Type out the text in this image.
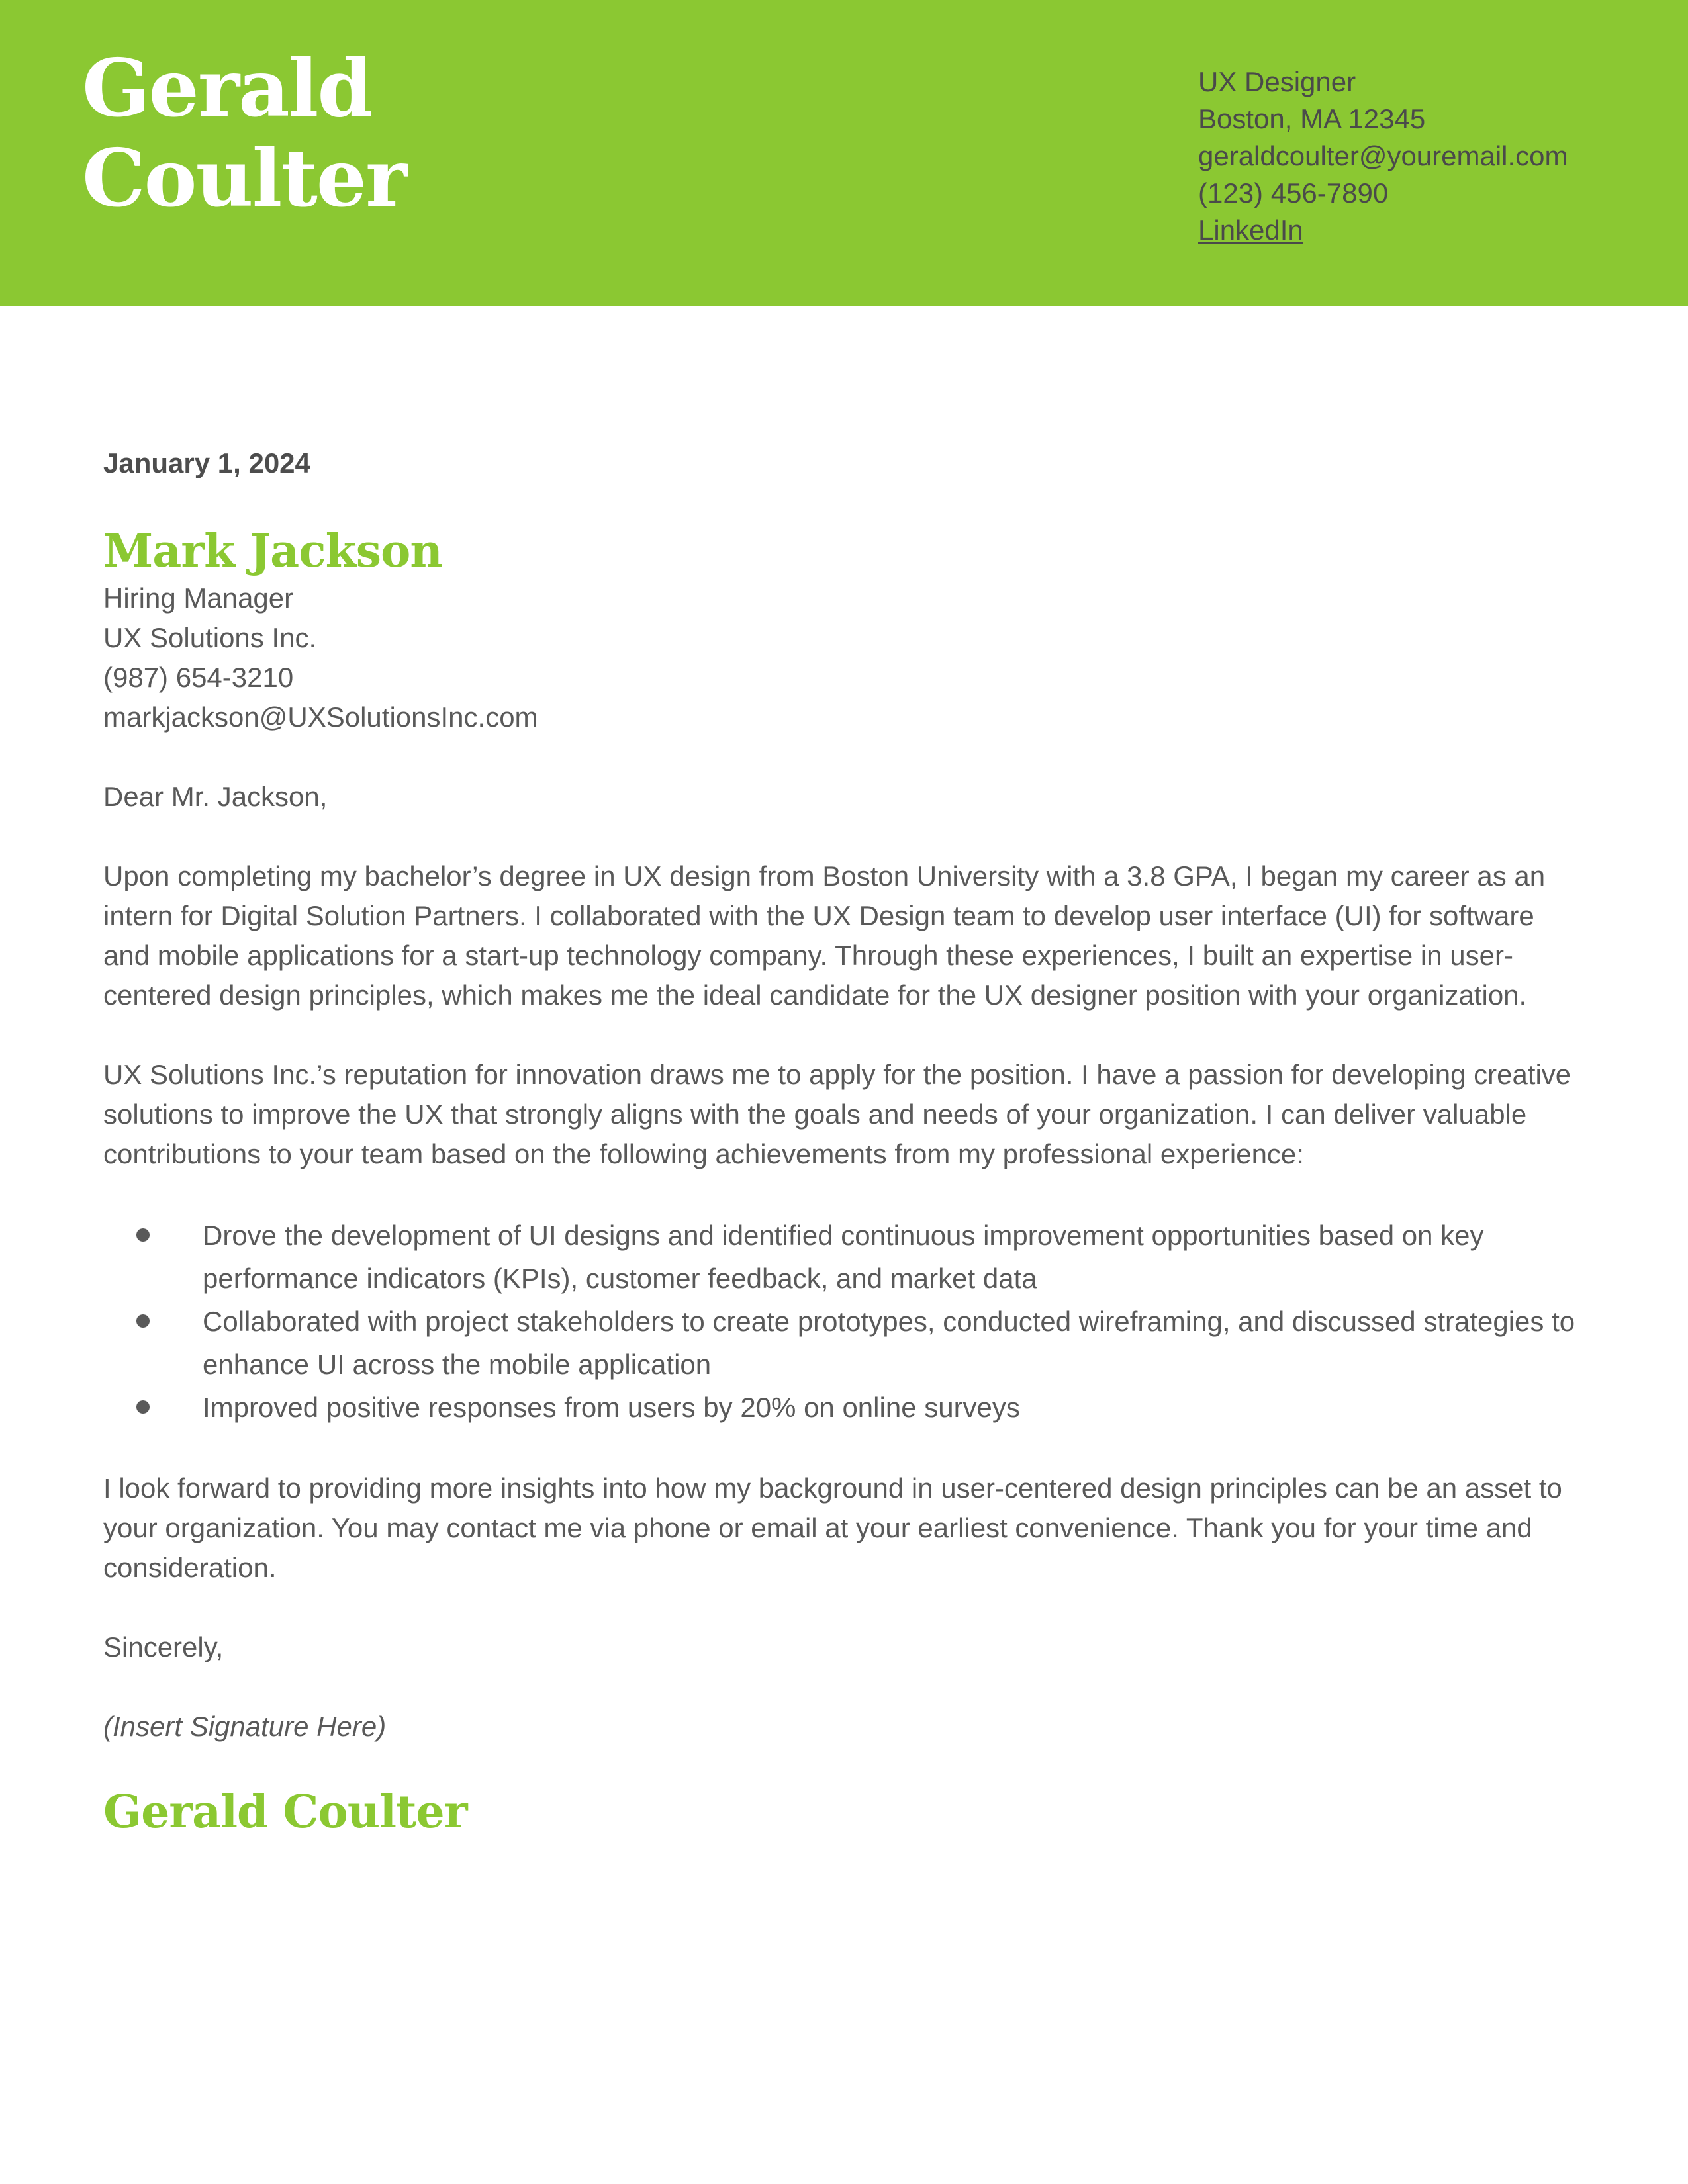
Gerald
Coulter
UX Designer
Boston, MA 12345
geraldcoulter@youremail.com
(123) 456-7890
LinkedIn
January 1, 2024
Mark Jackson
Hiring Manager
UX Solutions Inc.
(987) 654-3210
markjackson@UXSolutionsInc.com
Dear Mr. Jackson,
Upon completing my bachelor’s degree in UX design from Boston University with a 3.8 GPA, I began my career as an intern for Digital Solution Partners. I collaborated with the UX Design team to develop user interface (UI) for software and mobile applications for a start-up technology company. Through these experiences, I built an expertise in user-centered design principles, which makes me the ideal candidate for the UX designer position with your organization.
UX Solutions Inc.’s reputation for innovation draws me to apply for the position. I have a passion for developing creative solutions to improve the UX that strongly aligns with the goals and needs of your organization. I can deliver valuable contributions to your team based on the following achievements from my professional experience:
Drove the development of UI designs and identified continuous improvement opportunities based on key performance indicators (KPIs), customer feedback, and market data
Collaborated with project stakeholders to create prototypes, conducted wireframing, and discussed strategies to enhance UI across the mobile application
Improved positive responses from users by 20% on online surveys
I look forward to providing more insights into how my background in user-centered design principles can be an asset to your organization. You may contact me via phone or email at your earliest convenience. Thank you for your time and consideration.
Sincerely,
(Insert Signature Here)
Gerald Coulter
